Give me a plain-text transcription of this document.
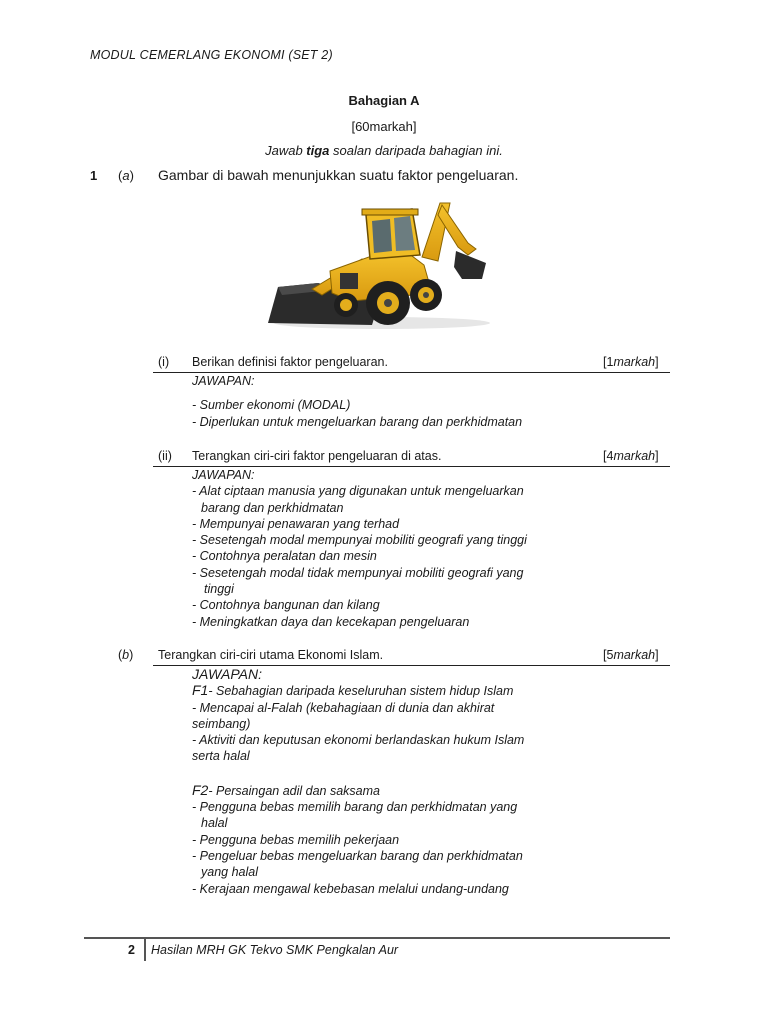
MODUL CEMERLANG EKONOMI (SET 2)
Bahagian A
[60markah]
Jawab tiga soalan daripada bahagian ini.
1 (a) Gambar di bawah menunjukkan suatu faktor pengeluaran.
(i) Berikan definisi faktor pengeluaran.	[1markah]
JAWAPAN:
- Sumber ekonomi (MODAL)
- Diperlukan untuk mengeluarkan barang dan perkhidmatan
(ii) Terangkan ciri-ciri faktor pengeluaran di atas.	[4markah]
JAWAPAN:
- Alat ciptaan manusia yang digunakan untuk mengeluarkan
barang dan perkhidmatan
- Mempunyai penawaran yang terhad
- Sesetengah modal mempunyai mobiliti geografi yang tinggi
- Contohnya peralatan dan mesin
- Sesetengah modal tidak mempunyai mobiliti geografi yang
tinggi
- Contohnya bangunan dan kilang
- Meningkatkan daya dan kecekapan pengeluaran
(b) Terangkan ciri-ciri utama Ekonomi Islam.	[5markah]
JAWAPAN:
F1- Sebahagian daripada keseluruhan sistem hidup Islam
- Mencapai al-Falah (kebahagiaan di dunia dan akhirat
seimbang)
- Aktiviti dan keputusan ekonomi berlandaskan hukum Islam
serta halal
F2- Persaingan adil dan saksama
- Pengguna bebas memilih barang dan perkhidmatan yang
halal
- Pengguna bebas memilih pekerjaan
- Pengeluar bebas mengeluarkan barang dan perkhidmatan
yang halal
- Kerajaan mengawal kebebasan melalui undang-undang
2 Hasilan MRH GK Tekvo SMK Pengkalan Aur
